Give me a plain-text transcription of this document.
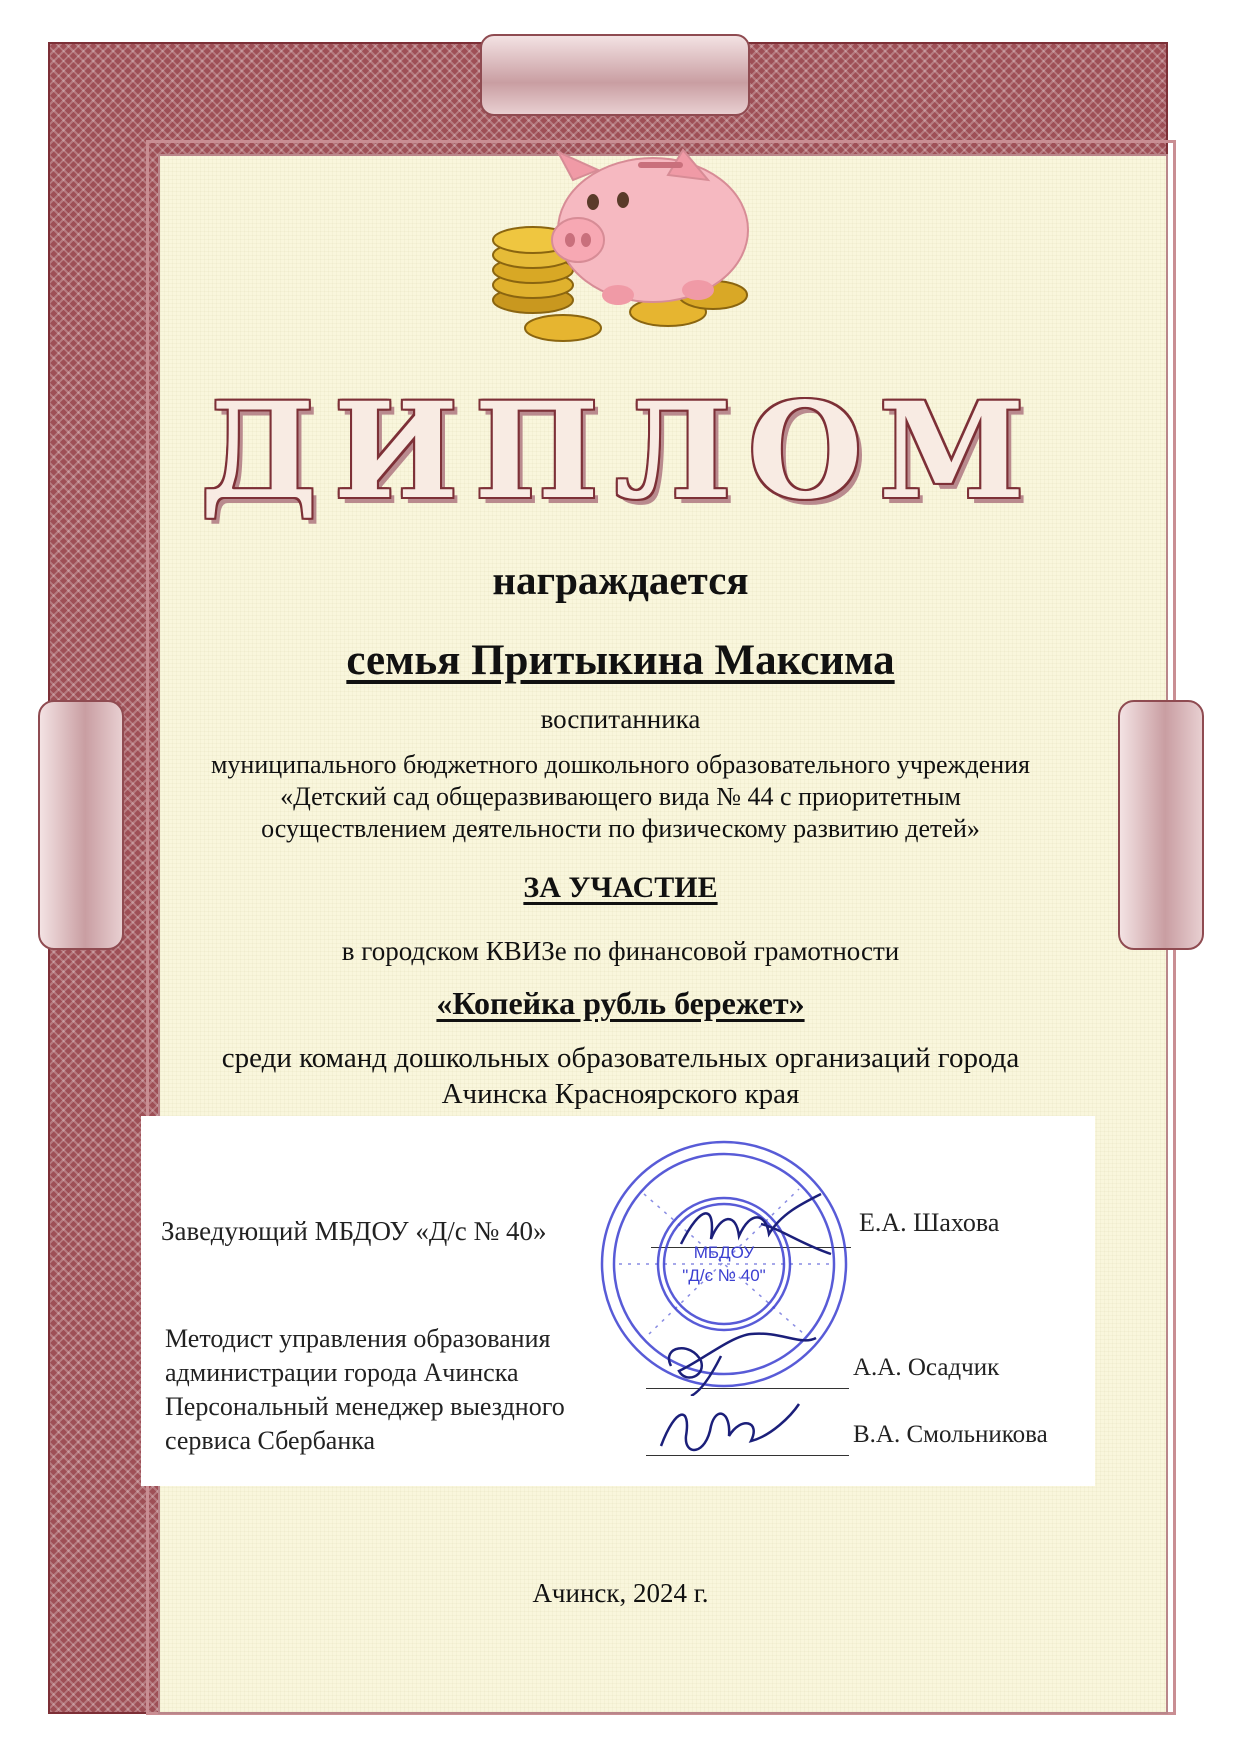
ДИПЛОМ
награждается
семья Притыкина Максима
воспитанника
муниципального бюджетного дошкольного образовательного учреждения
«Детский сад общеразвивающего вида № 44 с приоритетным
осуществлением деятельности по физическому развитию детей»
ЗА УЧАСТИЕ
в городском КВИЗе по финансовой грамотности
«Копейка рубль бережет»
среди команд дошкольных образовательных организаций города
Ачинска Красноярского края
Заведующий МБДОУ «Д/с № 40»	Е.А. Шахова
Методист управления образования
администрации города Ачинска
Персональный менеджер выездного
сервиса Сбербанка
А.А. Осадчик
В.А. Смольникова
МБДОУ
"Д/с № 40"
Ачинск, 2024 г.
